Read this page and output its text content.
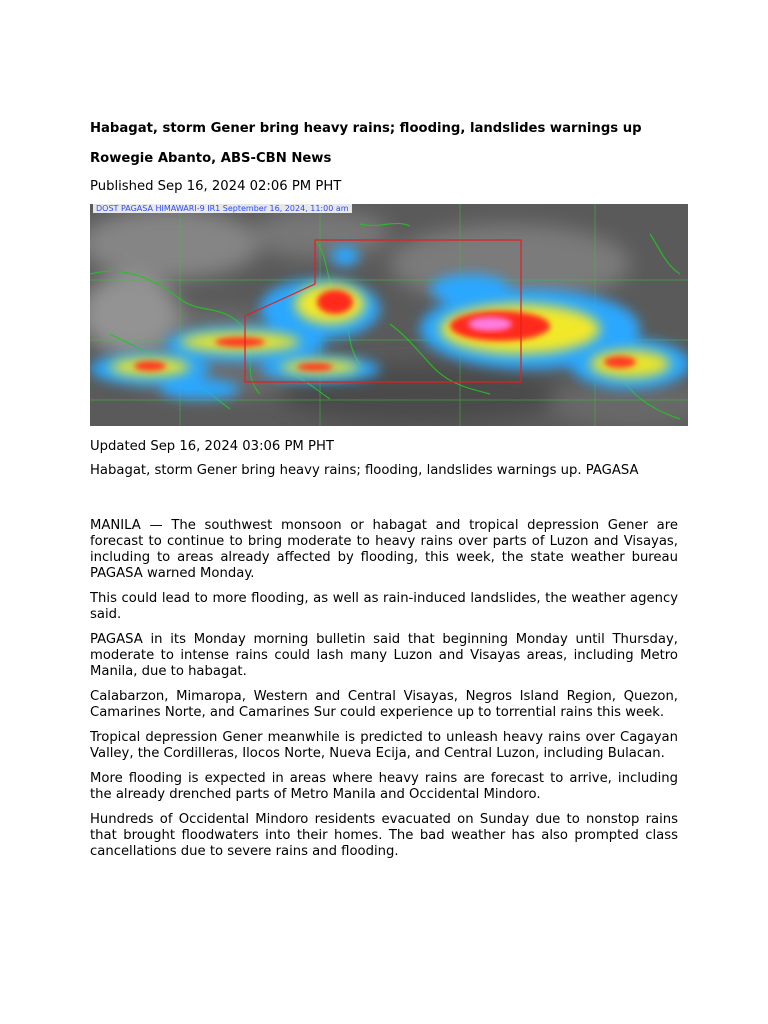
Habagat, storm Gener bring heavy rains; flooding, landslides warnings up

Rowegie Abanto, ABS-CBN News

Published Sep 16, 2024 02:06 PM PHT

DOST PAGASA HIMAWARI-9 IR1 September 16, 2024, 11:00 am

Updated Sep 16, 2024 03:06 PM PHT

Habagat, storm Gener bring heavy rains; flooding, landslides warnings up. PAGASA

MANILA — The southwest monsoon or habagat and tropical depression Gener are forecast to continue to bring moderate to heavy rains over parts of Luzon and Visayas, including to areas already affected by flooding, this week, the state weather bureau PAGASA warned Monday.

This could lead to more flooding, as well as rain-induced landslides, the weather agency said.

PAGASA in its Monday morning bulletin said that beginning Monday until Thursday, moderate to intense rains could lash many Luzon and Visayas areas, including Metro Manila, due to habagat.

Calabarzon, Mimaropa, Western and Central Visayas, Negros Island Region, Quezon, Camarines Norte, and Camarines Sur could experience up to torrential rains this week.

Tropical depression Gener meanwhile is predicted to unleash heavy rains over Cagayan Valley, the Cordilleras, Ilocos Norte, Nueva Ecija, and Central Luzon, including Bulacan.

More flooding is expected in areas where heavy rains are forecast to arrive, including the already drenched parts of Metro Manila and Occidental Mindoro.

Hundreds of Occidental Mindoro residents evacuated on Sunday due to nonstop rains that brought floodwaters into their homes. The bad weather has also prompted class cancellations due to severe rains and flooding.
